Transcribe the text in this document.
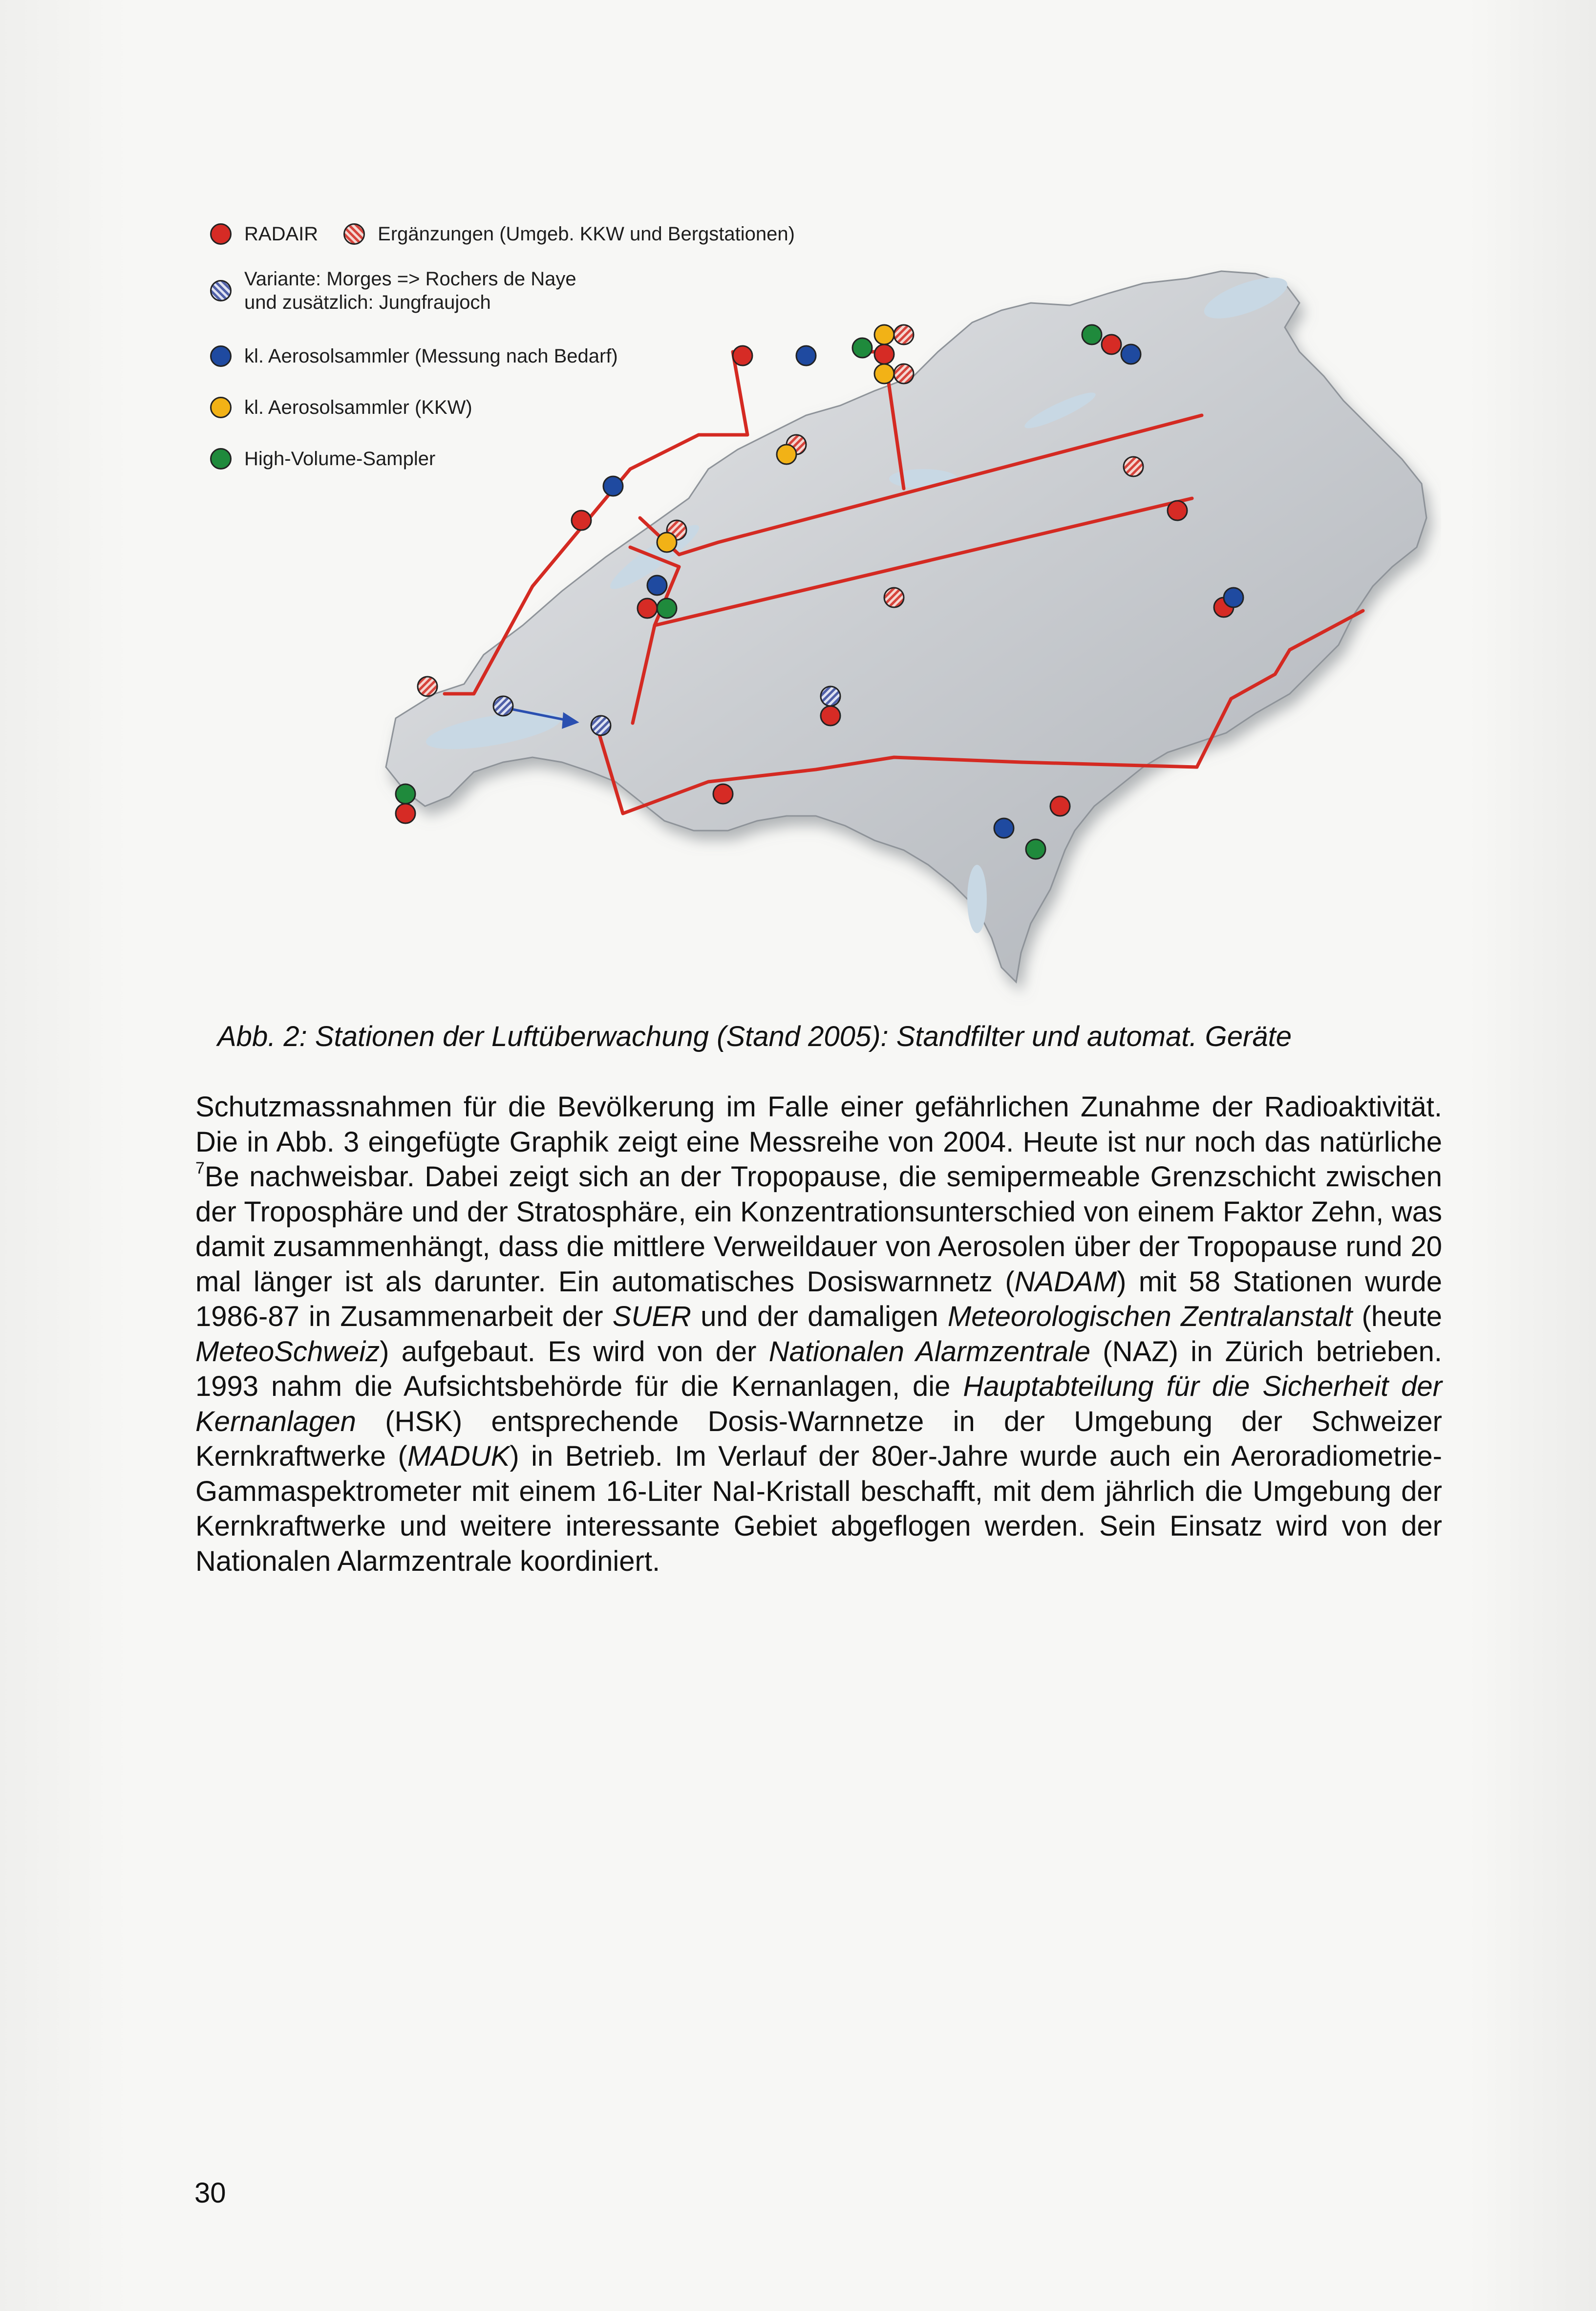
RADAIR	Ergänzungen (Umgeb. KKW und Bergstationen)
Variante: Morges => Rochers de Naye
und zusätzlich: Jungfraujoch
kl. Aerosolsammler (Messung nach Bedarf)
kl. Aerosolsammler (KKW)
High-Volume-Sampler
Abb. 2: Stationen der Luftüberwachung (Stand 2005): Standfilter und automat. Geräte
Schutzmassnahmen für die Bevölkerung im Falle einer gefährlichen Zunahme der Radioaktivität. Die in Abb. 3 eingefügte Graphik zeigt eine Messreihe von 2004. Heute ist nur noch das natürliche $^7$Be nachweisbar. Dabei zeigt sich an der Tropopause, die semipermeable Grenzschicht zwischen der Troposphäre und der Stratosphäre, ein Konzentrationsunterschied von einem Faktor Zehn, was damit zusammenhängt, dass die mittlere Verweildauer von Aerosolen über der Tropopause rund 20 mal länger ist als darunter. Ein automatisches Dosiswarnnetz (NADAM) mit 58 Stationen wurde 1986-87 in Zusammenarbeit der SUER und der damaligen Meteorologischen Zentralanstalt (heute MeteoSchweiz) aufgebaut. Es wird von der Nationalen Alarmzentrale (NAZ) in Zürich betrieben. 1993 nahm die Aufsichtsbehörde für die Kernanlagen, die Hauptabteilung für die Sicherheit der Kernanlagen (HSK) entsprechende Dosis-Warnnetze in der Umgebung der Schweizer Kernkraftwerke (MADUK) in Betrieb. Im Verlauf der 80er-Jahre wurde auch ein Aeroradiometrie-Gammaspektrometer mit einem 16-Liter NaI-Kristall beschafft, mit dem jährlich die Umgebung der Kernkraftwerke und weitere interessante Gebiet abgeflogen werden. Sein Einsatz wird von der Nationalen Alarmzentrale koordiniert.
30
